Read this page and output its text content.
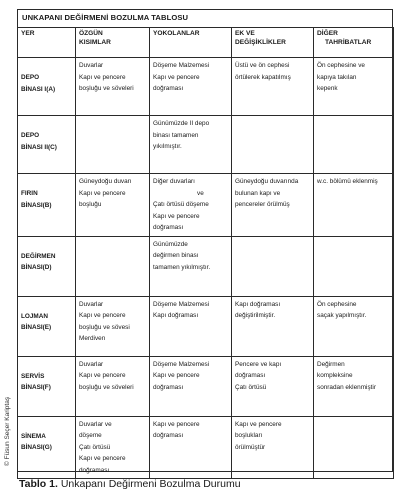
UNKAPANI DEĞİRMENİ BOZULMA TABLOSU
YER	ÖZGÜN
KISIMLAR	YOKOLANLAR	EK VE
DEĞİŞİKLİKLER	DİĞER
TAHRİBATLAR

DEPO
BİNASI I(A)	Duvarlar
Kapı ve pencere
boşluğu ve söveleri	Döşeme Malzemesi
Kapı ve pencere
doğraması	Üstü ve ön cephesi
örtülerek kapatılmış	Ön cephesine ve
kapıya takılan
kepenk

DEPO
BİNASI II(C)		Günümüzde II depo
binası tamamen
yıkılmıştır.		

FIRIN
BİNASI(B)	Güneydoğu duvarı
Kapı ve pencere
boşluğu	Diğer duvarları
ve
Çatı örtüsü döşeme
Kapı ve pencere
doğraması	Güneydoğu duvarında
bulunan kapı ve
pencereler örülmüş	w.c. bölümü eklenmiş

DEĞİRMEN
BİNASI(D)		Günümüzde
değirmen binası
tamamen yıkılmıştır.		

LOJMAN
BİNASI(E)	Duvarlar
Kapı ve pencere
boşluğu ve sövesi
Merdiven	Döşeme Malzemesi
Kapı doğraması	Kapı doğraması
değiştirilmiştir.	Ön cephesine
saçak yapılmıştır.

SERVİS
BİNASI(F)	Duvarlar
Kapı ve pencere
boşluğu ve söveleri	Döşeme Malzemesi
Kapı ve pencere
doğraması	Pencere ve kapı
doğraması
Çatı örtüsü	Değirmen
kompleksine
sonradan eklenmiştir

SİNEMA
BİNASI(G)	Duvarlar ve
döşeme
Çatı örtüsü
Kapı ve pencere
doğraması	Kapı ve pencere
doğraması	Kapı ve pencere
boşlukları
örülmüştür	

© Füsun Seçer Kariptaş
Tablo 1. Unkapanı Değirmeni Bozulma Durumu
